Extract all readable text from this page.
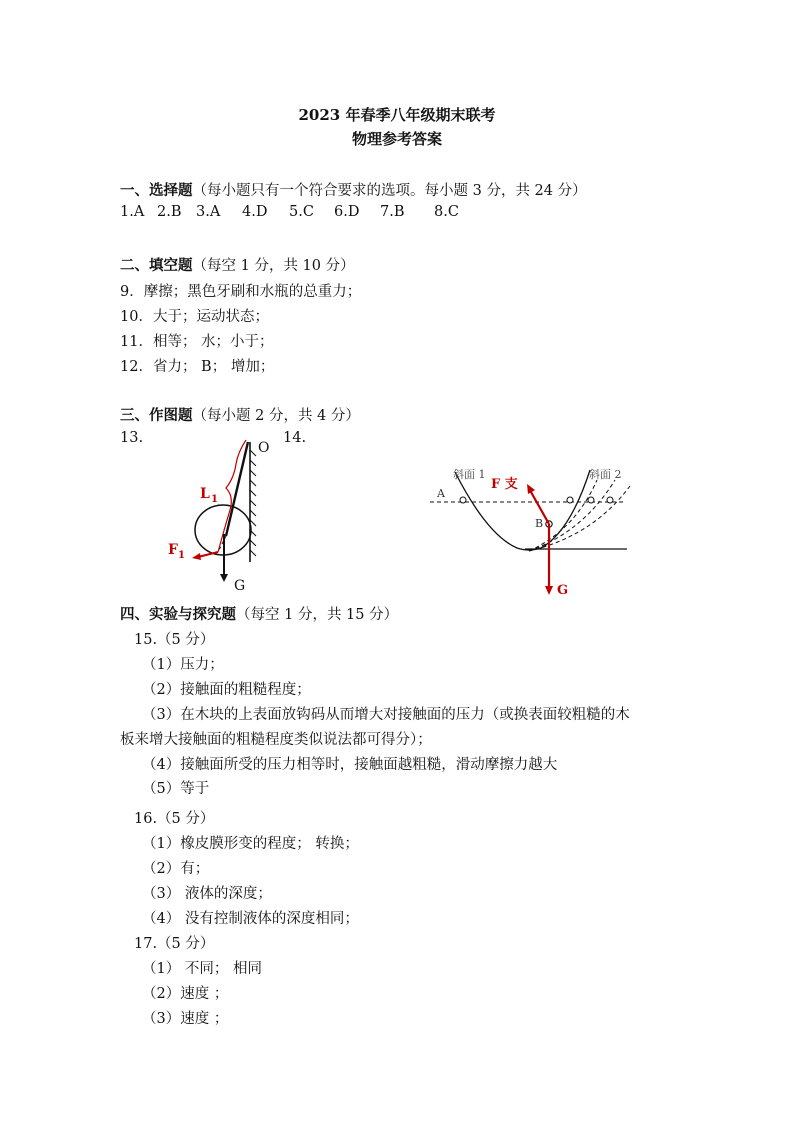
2023 年春季八年级期末联考
物理参考答案
一、选择题（每小题只有一个符合要求的选项。每小题 3 分，共 24 分）
1.A 2.B 3.A 4.D 5.C 6.D 7.B 8.C
二、填空题（每空 1 分，共 10 分）
9．摩擦；黑色牙刷和水瓶的总重力；
10．大于；运动状态；
11．相等； 水；小于；
12．省力； B； 增加；
三、作图题（每小题 2 分，共 4 分）
13.	14.
O
L 1
F 1
G
斜面 1	斜面 2
A
B
F 支
G
四、实验与探究题（每空 1 分，共 15 分）
15.（5 分）
（1）压力；
（2）接触面的粗糙程度；
（3）在木块的上表面放钩码从而增大对接触面的压力（或换表面较粗糙的木
板来增大接触面的粗糙程度类似说法都可得分）；
（4）接触面所受的压力相等时，接触面越粗糙，滑动摩擦力越大
（5）等于
16.（5 分）
（1）橡皮膜形变的程度； 转换；
（2）有；
（3） 液体的深度；
（4） 没有控制液体的深度相同；
17.（5 分）
（1） 不同； 相同
（2）速度 ；
（3）速度 ；
